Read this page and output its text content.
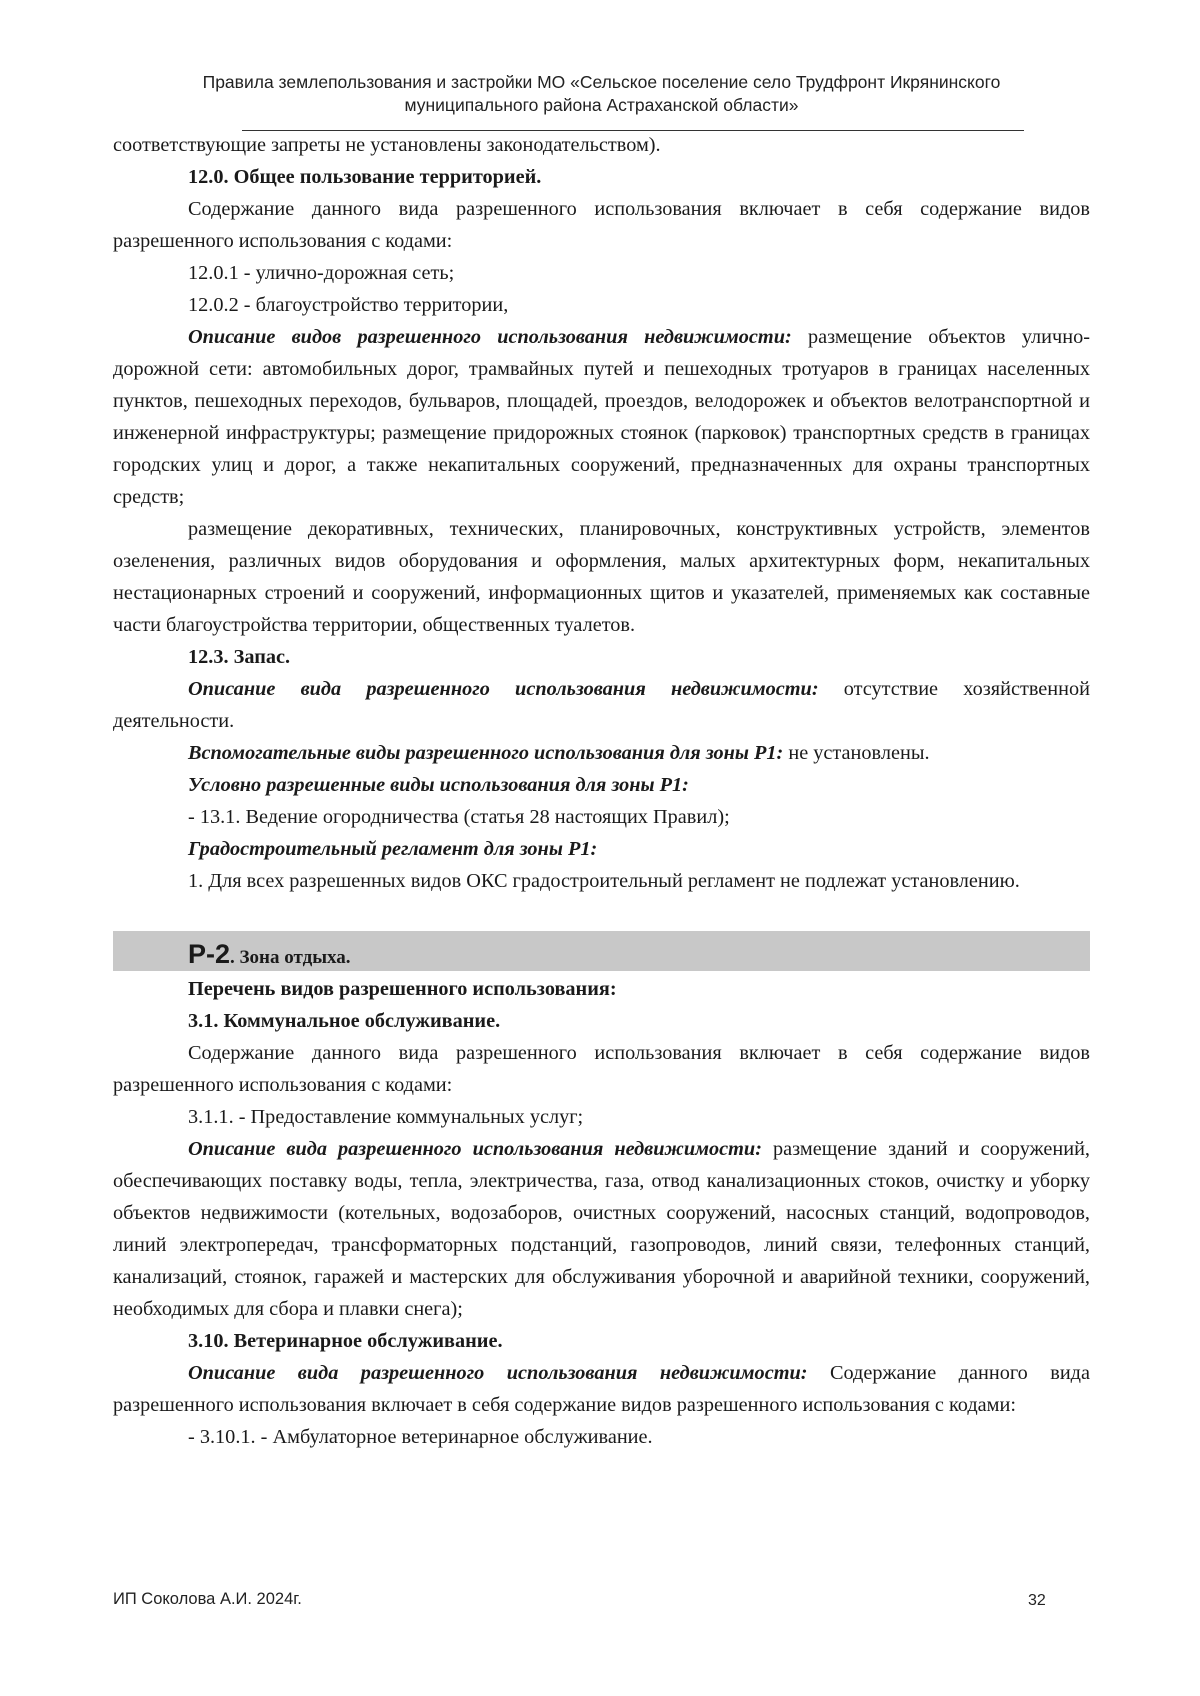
Правила землепользования и застройки МО «Сельское поселение село Трудфронт Икрянинского
муниципального района Астраханской области»

соответствующие запреты не установлены законодательством).

12.0. Общее пользование территорией.

Содержание данного вида разрешенного использования включает в себя содержание видов разрешенного использования с кодами:

12.0.1 - улично-дорожная сеть;

12.0.2 - благоустройство территории,

Описание видов разрешенного использования недвижимости: размещение объектов улично-дорожной сети: автомобильных дорог, трамвайных путей и пешеходных тротуаров в границах населенных пунктов, пешеходных переходов, бульваров, площадей, проездов, велодорожек и объектов велотранспортной и инженерной инфраструктуры; размещение придорожных стоянок (парковок) транспортных средств в границах городских улиц и дорог, а также некапитальных сооружений, предназначенных для охраны транспортных средств;

размещение декоративных, технических, планировочных, конструктивных устройств, элементов озеленения, различных видов оборудования и оформления, малых архитектурных форм, некапитальных нестационарных строений и сооружений, информационных щитов и указателей, применяемых как составные части благоустройства территории, общественных туалетов.

12.3. Запас.

Описание вида разрешенного использования недвижимости: отсутствие хозяйственной деятельности.

Вспомогательные виды разрешенного использования для зоны Р1: не установлены.

Условно разрешенные виды использования для зоны Р1:

- 13.1. Ведение огородничества (статья 28 настоящих Правил);

Градостроительный регламент для зоны Р1:

1. Для всех разрешенных видов ОКС градостроительный регламент не подлежат установлению.

Р-2. Зона отдыха.

Перечень видов разрешенного использования:

3.1. Коммунальное обслуживание.

Содержание данного вида разрешенного использования включает в себя содержание видов разрешенного использования с кодами:

3.1.1. - Предоставление коммунальных услуг;

Описание вида разрешенного использования недвижимости: размещение зданий и сооружений, обеспечивающих поставку воды, тепла, электричества, газа, отвод канализационных стоков, очистку и уборку объектов недвижимости (котельных, водозаборов, очистных сооружений, насосных станций, водопроводов, линий электропередач, трансформаторных подстанций, газопроводов, линий связи, телефонных станций, канализаций, стоянок, гаражей и мастерских для обслуживания уборочной и аварийной техники, сооружений, необходимых для сбора и плавки снега);

3.10. Ветеринарное обслуживание.

Описание вида разрешенного использования недвижимости: Содержание данного вида разрешенного использования включает в себя содержание видов разрешенного использования с кодами:

- 3.10.1. - Амбулаторное ветеринарное обслуживание.

ИП Соколова А.И. 2024г.	32
